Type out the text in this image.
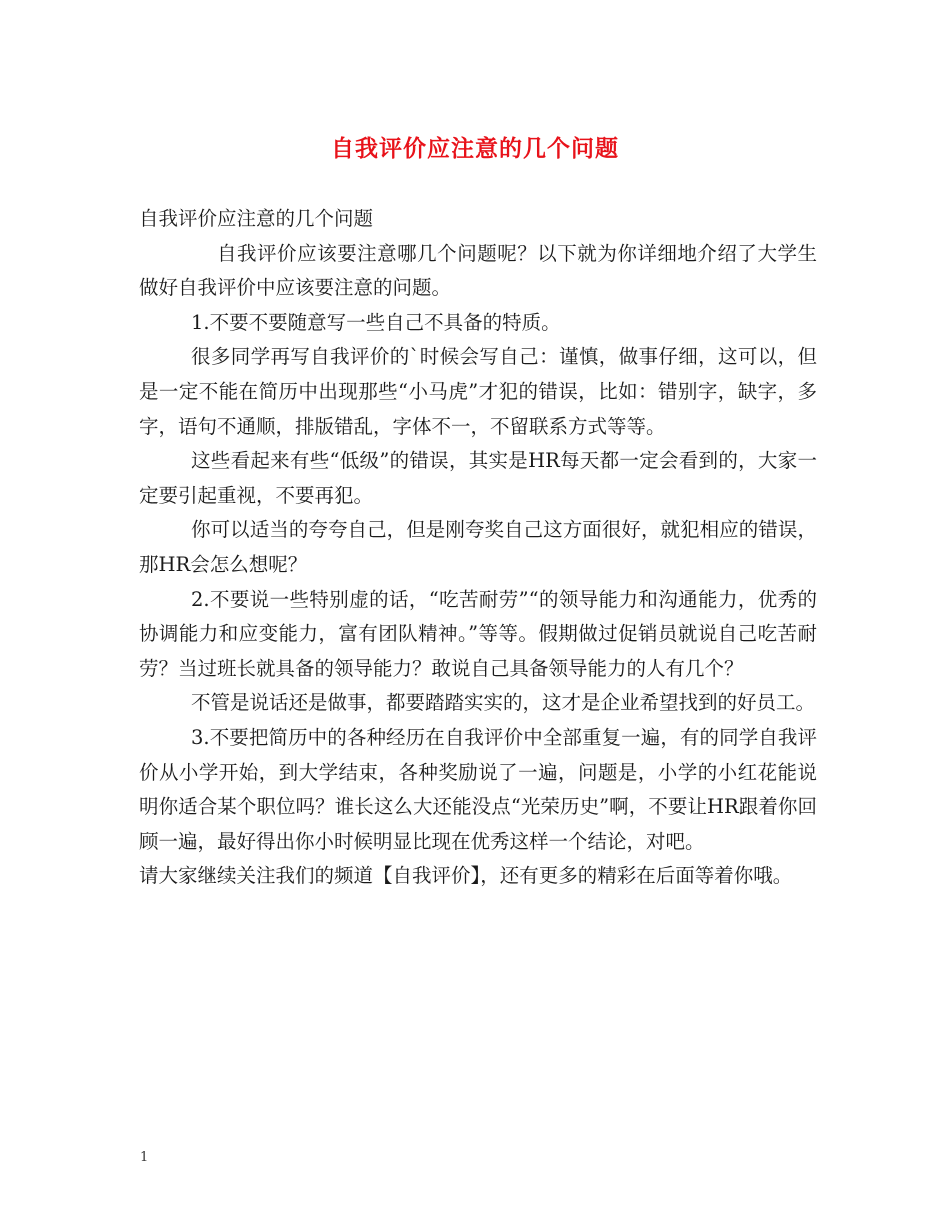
自我评价应注意的几个问题

自我评价应注意的几个问题

自我评价应该要注意哪几个问题呢？以下就为你详细地介绍了大学生做好自我评价中应该要注意的问题。

1.不要不要随意写一些自己不具备的特质。

很多同学再写自我评价的`时候会写自己：谨慎，做事仔细，这可以，但是一定不能在简历中出现那些“小马虎”才犯的错误，比如：错别字，缺字，多字，语句不通顺，排版错乱，字体不一，不留联系方式等等。

这些看起来有些“低级”的错误，其实是HR每天都一定会看到的，大家一定要引起重视，不要再犯。

你可以适当的夸夸自己，但是刚夸奖自己这方面很好，就犯相应的错误，那HR会怎么想呢？

2.不要说一些特别虚的话，“吃苦耐劳”“的领导能力和沟通能力，优秀的协调能力和应变能力，富有团队精神。”等等。假期做过促销员就说自己吃苦耐劳？当过班长就具备的领导能力？敢说自己具备领导能力的人有几个？

不管是说话还是做事，都要踏踏实实的，这才是企业希望找到的好员工。

3.不要把简历中的各种经历在自我评价中全部重复一遍，有的同学自我评价从小学开始，到大学结束，各种奖励说了一遍，问题是，小学的小红花能说明你适合某个职位吗？谁长这么大还能没点“光荣历史”啊，不要让HR跟着你回顾一遍，最好得出你小时候明显比现在优秀这样一个结论，对吧。

请大家继续关注我们的频道【自我评价】，还有更多的精彩在后面等着你哦。

1
